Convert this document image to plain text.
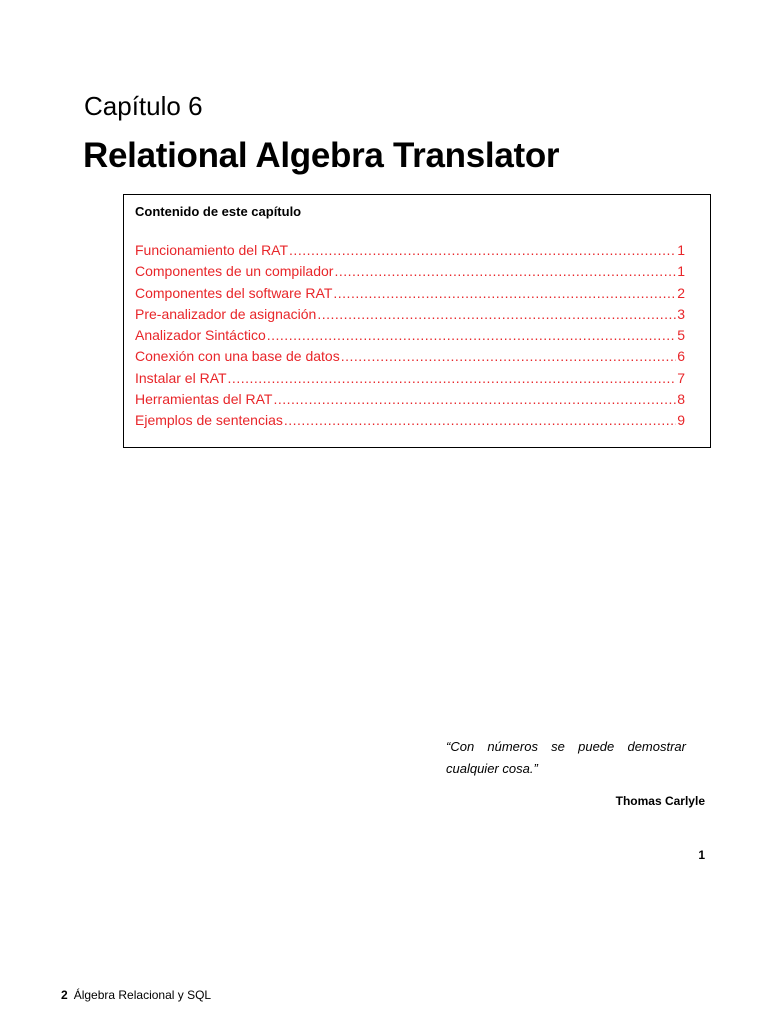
Capítulo 6
Relational Algebra Translator
Contenido de este capítulo
Funcionamiento del RAT .....	1
Componentes de un compilador .....	1
Componentes del software RAT .....	2
Pre-analizador de asignación .....	3
Analizador Sintáctico .....	5
Conexión con una base de datos .....	6
Instalar el RAT .....	7
Herramientas del RAT .....	8
Ejemplos de sentencias .....	9
“Con números se puede demostrar cualquier cosa.”
Thomas Carlyle
1
2 Álgebra Relacional y SQL
